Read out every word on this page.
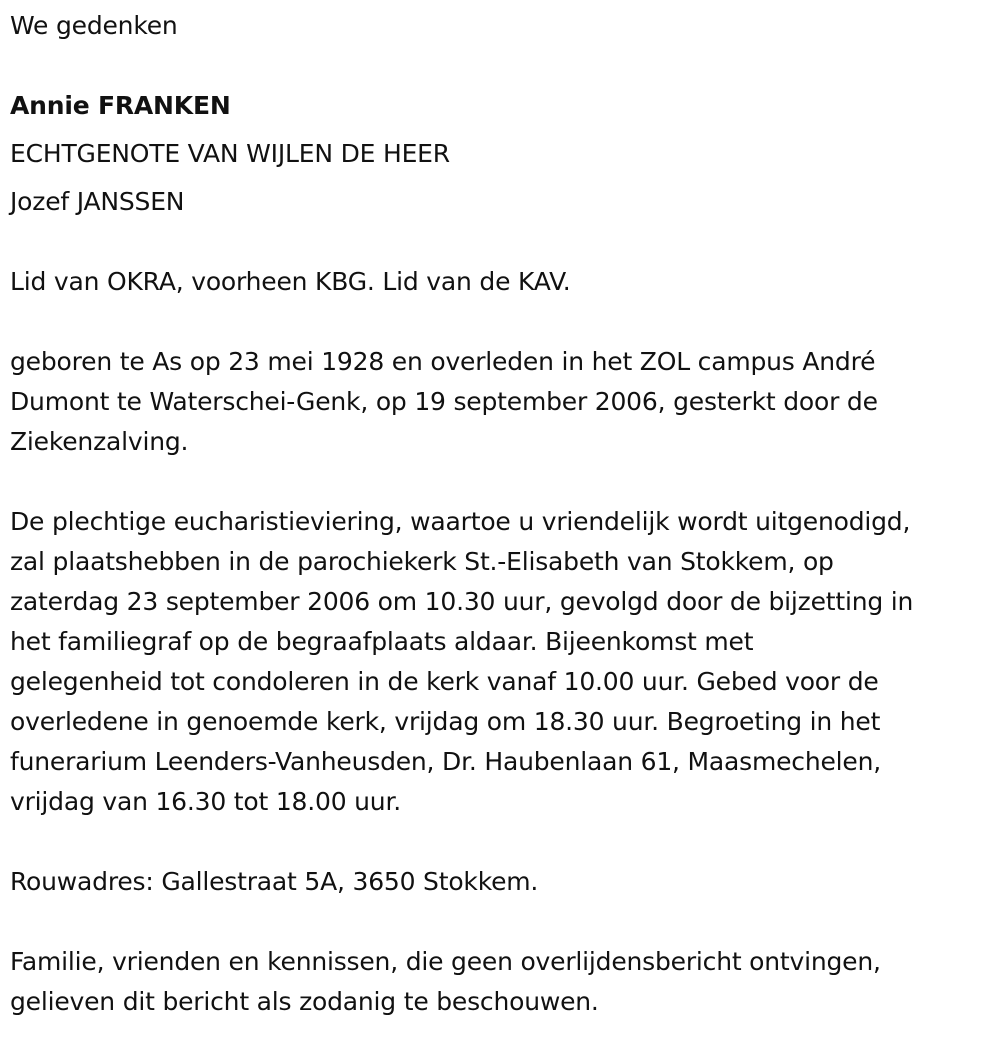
We gedenken
Annie FRANKEN
ECHTGENOTE VAN WIJLEN DE HEER
Jozef JANSSEN
Lid van OKRA, voorheen KBG. Lid van de KAV.
geboren te As op 23 mei 1928 en overleden in het ZOL campus André
Dumont te Waterschei-Genk, op 19 september 2006, gesterkt door de
Ziekenzalving.
De plechtige eucharistieviering, waartoe u vriendelijk wordt uitgenodigd,
zal plaatshebben in de parochiekerk St.-Elisabeth van Stokkem, op
zaterdag 23 september 2006 om 10.30 uur, gevolgd door de bijzetting in
het familiegraf op de begraafplaats aldaar. Bijeenkomst met
gelegenheid tot condoleren in de kerk vanaf 10.00 uur. Gebed voor de
overledene in genoemde kerk, vrijdag om 18.30 uur. Begroeting in het
funerarium Leenders-Vanheusden, Dr. Haubenlaan 61, Maasmechelen,
vrijdag van 16.30 tot 18.00 uur.
Rouwadres: Gallestraat 5A, 3650 Stokkem.
Familie, vrienden en kennissen, die geen overlijdensbericht ontvingen,
gelieven dit bericht als zodanig te beschouwen.
